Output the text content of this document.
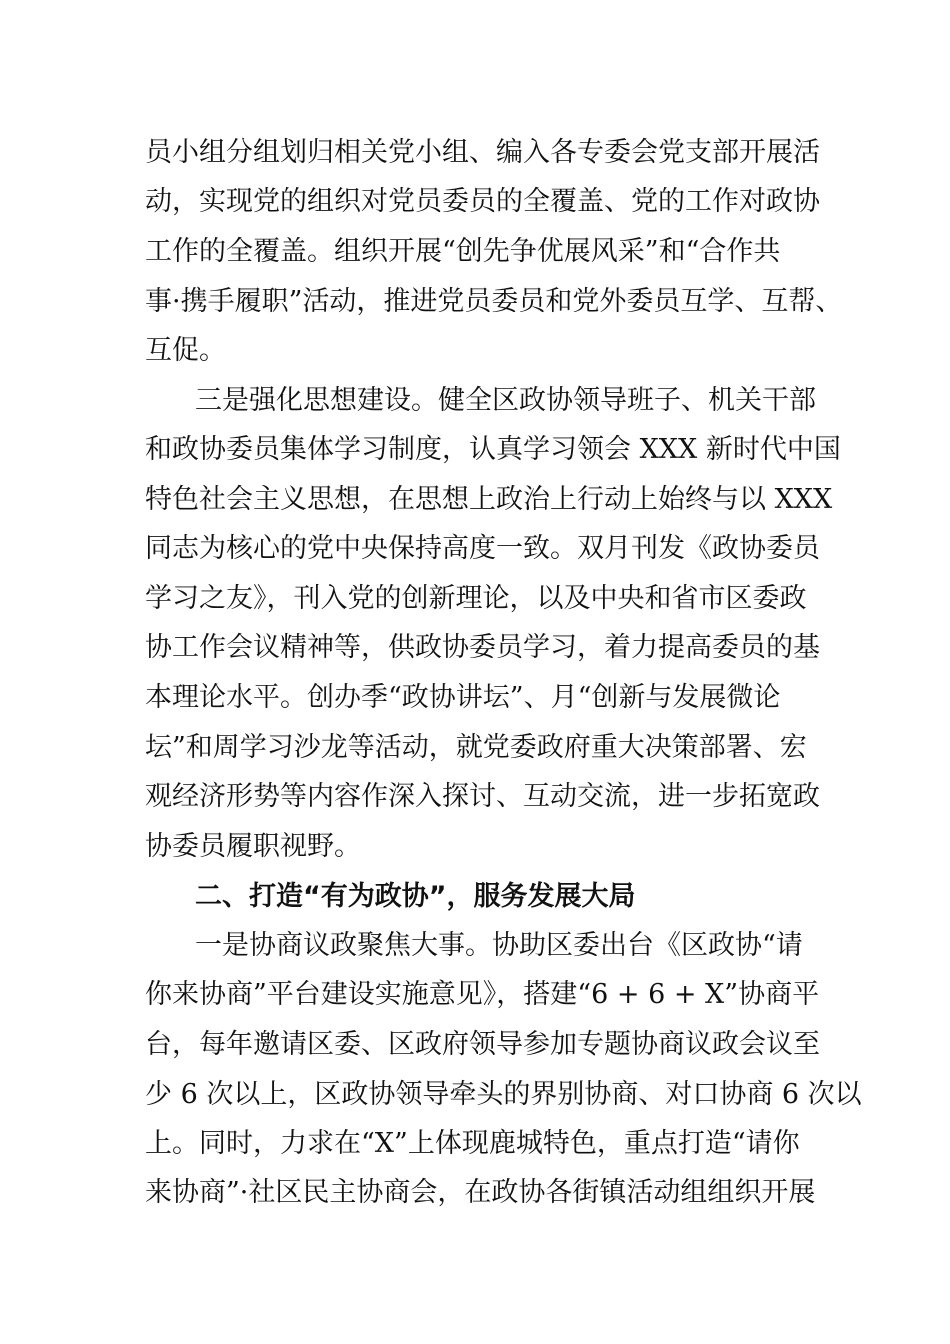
员小组分组划归相关党小组、编入各专委会党支部开展活
动，实现党的组织对党员委员的全覆盖、党的工作对政协
工作的全覆盖。组织开展“创先争优展风采”和“合作共
事·携手履职”活动，推进党员委员和党外委员互学、互帮、
互促。
三是强化思想建设。健全区政协领导班子、机关干部
和政协委员集体学习制度，认真学习领会 XXX 新时代中国
特色社会主义思想，在思想上政治上行动上始终与以 XXX
同志为核心的党中央保持高度一致。双月刊发《政协委员
学习之友》，刊入党的创新理论，以及中央和省市区委政
协工作会议精神等，供政协委员学习，着力提高委员的基
本理论水平。创办季“政协讲坛”、月“创新与发展微论
坛”和周学习沙龙等活动，就党委政府重大决策部署、宏
观经济形势等内容作深入探讨、互动交流，进一步拓宽政
协委员履职视野。
二、打造“有为政协”，服务发展大局
一是协商议政聚焦大事。协助区委出台《区政协“请
你来协商”平台建设实施意见》，搭建“6 + 6 + X”协商平
台，每年邀请区委、区政府领导参加专题协商议政会议至
少 6 次以上，区政协领导牵头的界别协商、对口协商 6 次以
上。同时，力求在“X”上体现鹿城特色，重点打造“请你
来协商”·社区民主协商会，在政协各街镇活动组组织开展
